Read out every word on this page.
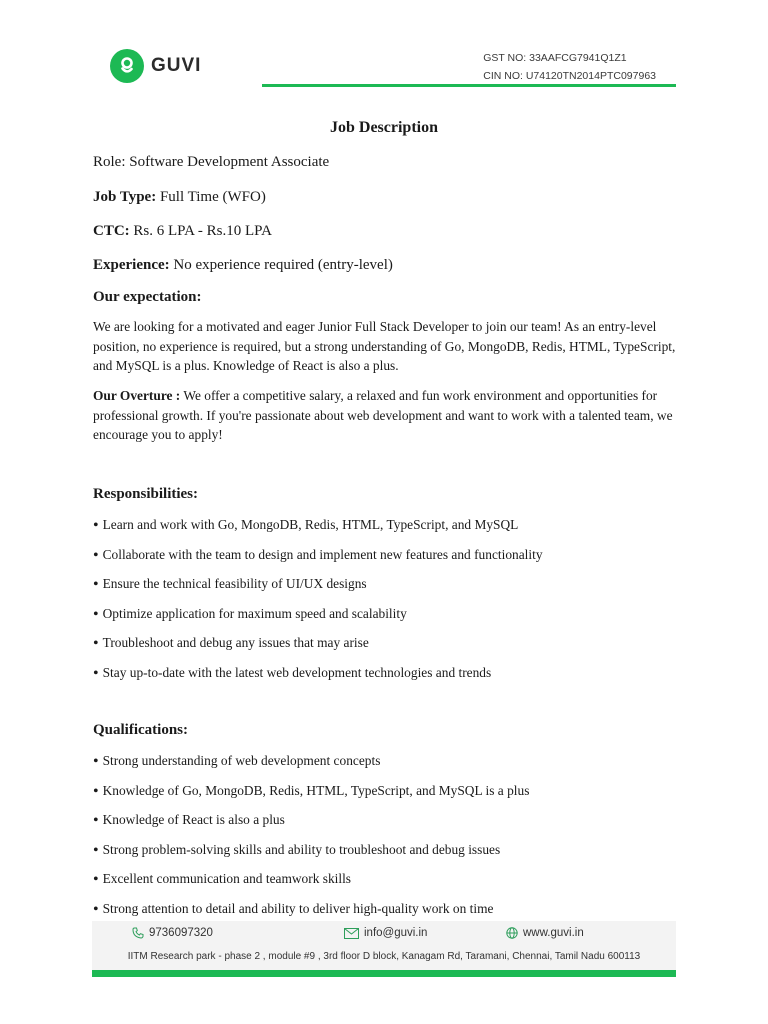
GUVI	GST NO: 33AAFCG7941Q1Z1
CIN NO: U74120TN2014PTC097963
Job Description
Role: Software Development Associate
Job Type: Full Time (WFO)
CTC: Rs. 6 LPA - Rs.10 LPA
Experience: No experience required (entry-level)
Our expectation:
We are looking for a motivated and eager Junior Full Stack Developer to join our team! As an entry-level position, no experience is required, but a strong understanding of Go, MongoDB, Redis, HTML, TypeScript, and MySQL is a plus. Knowledge of React is also a plus.
Our Overture : We offer a competitive salary, a relaxed and fun work environment and opportunities for professional growth. If you're passionate about web development and want to work with a talented team, we encourage you to apply!
Responsibilities:
• Learn and work with Go, MongoDB, Redis, HTML, TypeScript, and MySQL
• Collaborate with the team to design and implement new features and functionality
• Ensure the technical feasibility of UI/UX designs
• Optimize application for maximum speed and scalability
• Troubleshoot and debug any issues that may arise
• Stay up-to-date with the latest web development technologies and trends
Qualifications:
• Strong understanding of web development concepts
• Knowledge of Go, MongoDB, Redis, HTML, TypeScript, and MySQL is a plus
• Knowledge of React is also a plus
• Strong problem-solving skills and ability to troubleshoot and debug issues
• Excellent communication and teamwork skills
• Strong attention to detail and ability to deliver high-quality work on time
9736097320	info@guvi.in	www.guvi.in
IITM Research park - phase 2 , module #9 , 3rd floor D block, Kanagam Rd, Taramani, Chennai, Tamil Nadu 600113
